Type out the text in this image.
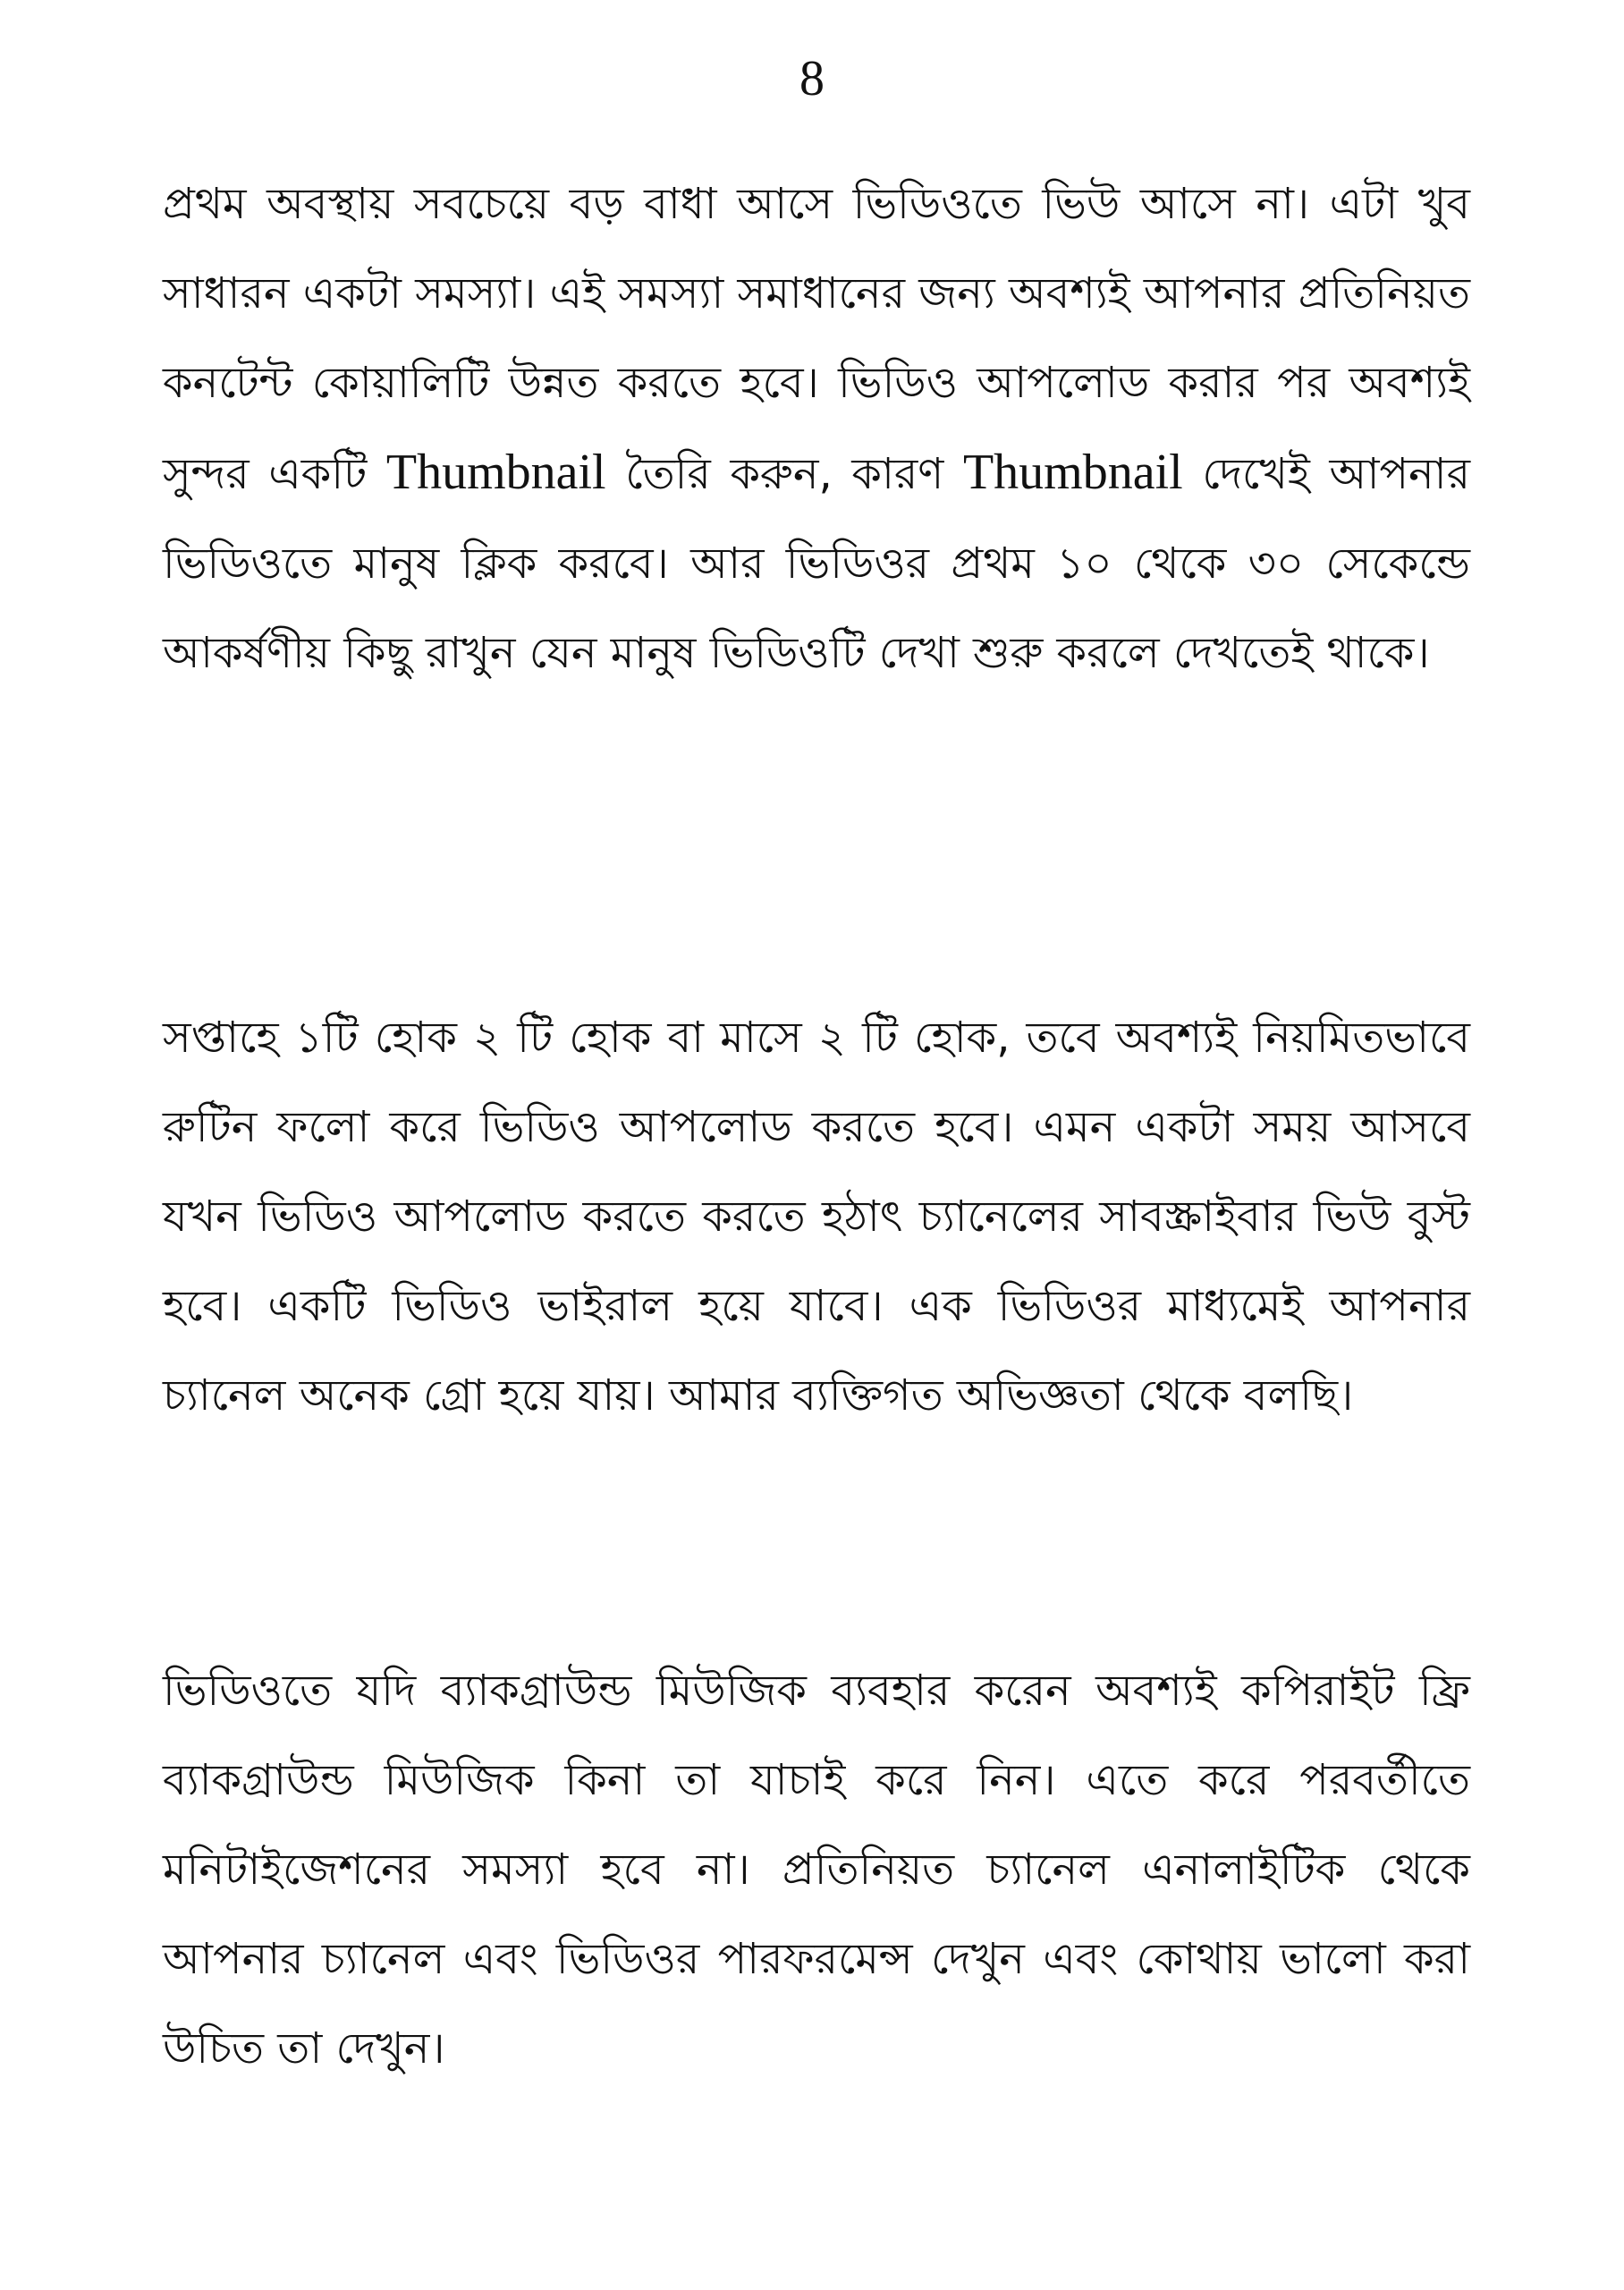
8

প্রথম অবস্থায় সবচেয়ে বড় বাধা আসে ভিডিওতে ভিউ আসে না। এটা খুব সাধারন একটা সমস্যা। এই সমস্যা সমাধানের জন্য অবশ্যই আপনার প্রতিনিয়ত কনটেন্ট কোয়ালিটি উন্নত করতে হবে। ভিডিও আপলোড করার পর অবশ্যই সুন্দর একটি Thumbnail তৈরি করুন, কারণ Thumbnail দেখেই আপনার ভিডিওতে মানুষ ক্লিক করবে। আর ভিডিওর প্রথম ১০ থেকে ৩০ সেকেন্ডে আকর্ষণীয় কিছু রাখুন যেন মানুষ ভিডিওটি দেখা শুরু করলে দেখতেই থাকে।

সপ্তাহে ১টি হোক ২ টি হোক বা মাসে ২ টি হোক, তবে অবশ্যই নিয়মিতভাবে রুটিন ফলো করে ভিডিও আপলোড করতে হবে। এমন একটা সময় আসবে যখন ভিডিও আপলোড করতে করতে হঠাৎ চ্যানেলের সাবস্ক্রাইবার ভিউ বুস্ট হবে। একটি ভিডিও ভাইরাল হয়ে যাবে। এক ভিডিওর মাধ্যমেই আপনার চ্যানেল অনেক গ্রো হয়ে যায়। আমার ব্যক্তিগত অভিজ্ঞতা থেকে বলছি।

ভিডিওতে যদি ব্যাকগ্রাউন্ড মিউজিক ব্যবহার করেন অবশ্যই কপিরাইট ফ্রি ব্যাকগ্রাউন্ড মিউজিক কিনা তা যাচাই করে নিন। এতে করে পরবর্তীতে মনিটাইজেশনের সমস্যা হবে না। প্রতিনিয়ত চ্যানেল এনালাইটিক থেকে আপনার চ্যানেল এবং ভিডিওর পারফরমেন্স দেখুন এবং কোথায় ভালো করা উচিত তা দেখুন।
